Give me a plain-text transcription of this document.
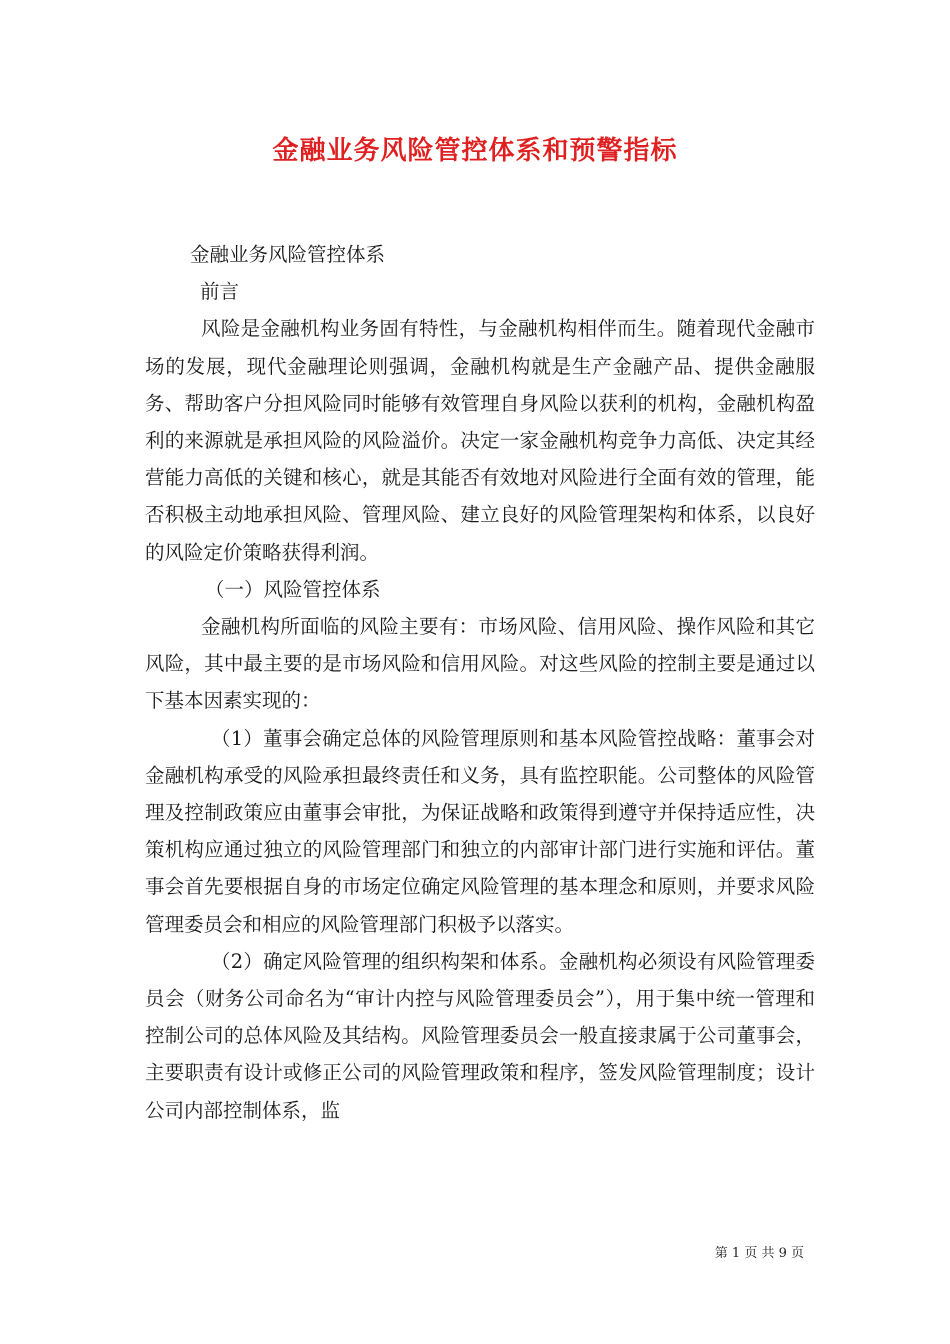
金融业务风险管控体系和预警指标

金融业务风险管控体系

前言

风险是金融机构业务固有特性，与金融机构相伴而生。随着现代金融市场的发展，现代金融理论则强调，金融机构就是生产金融产品、提供金融服务、帮助客户分担风险同时能够有效管理自身风险以获利的机构，金融机构盈利的来源就是承担风险的风险溢价。决定一家金融机构竞争力高低、决定其经营能力高低的关键和核心，就是其能否有效地对风险进行全面有效的管理，能否积极主动地承担风险、管理风险、建立良好的风险管理架构和体系，以良好的风险定价策略获得利润。

（一）风险管控体系

金融机构所面临的风险主要有：市场风险、信用风险、操作风险和其它风险，其中最主要的是市场风险和信用风险。对这些风险的控制主要是通过以下基本因素实现的：

（1）董事会确定总体的风险管理原则和基本风险管控战略：董事会对金融机构承受的风险承担最终责任和义务，具有监控职能。公司整体的风险管理及控制政策应由董事会审批，为保证战略和政策得到遵守并保持适应性，决策机构应通过独立的风险管理部门和独立的内部审计部门进行实施和评估。董事会首先要根据自身的市场定位确定风险管理的基本理念和原则，并要求风险管理委员会和相应的风险管理部门积极予以落实。

（2）确定风险管理的组织构架和体系。金融机构必须设有风险管理委员会（财务公司命名为“审计内控与风险管理委员会”），用于集中统一管理和控制公司的总体风险及其结构。风险管理委员会一般直接隶属于公司董事会，主要职责有设计或修正公司的风险管理政策和程序，签发风险管理制度；设计公司内部控制体系，监

第 1 页 共 9 页
